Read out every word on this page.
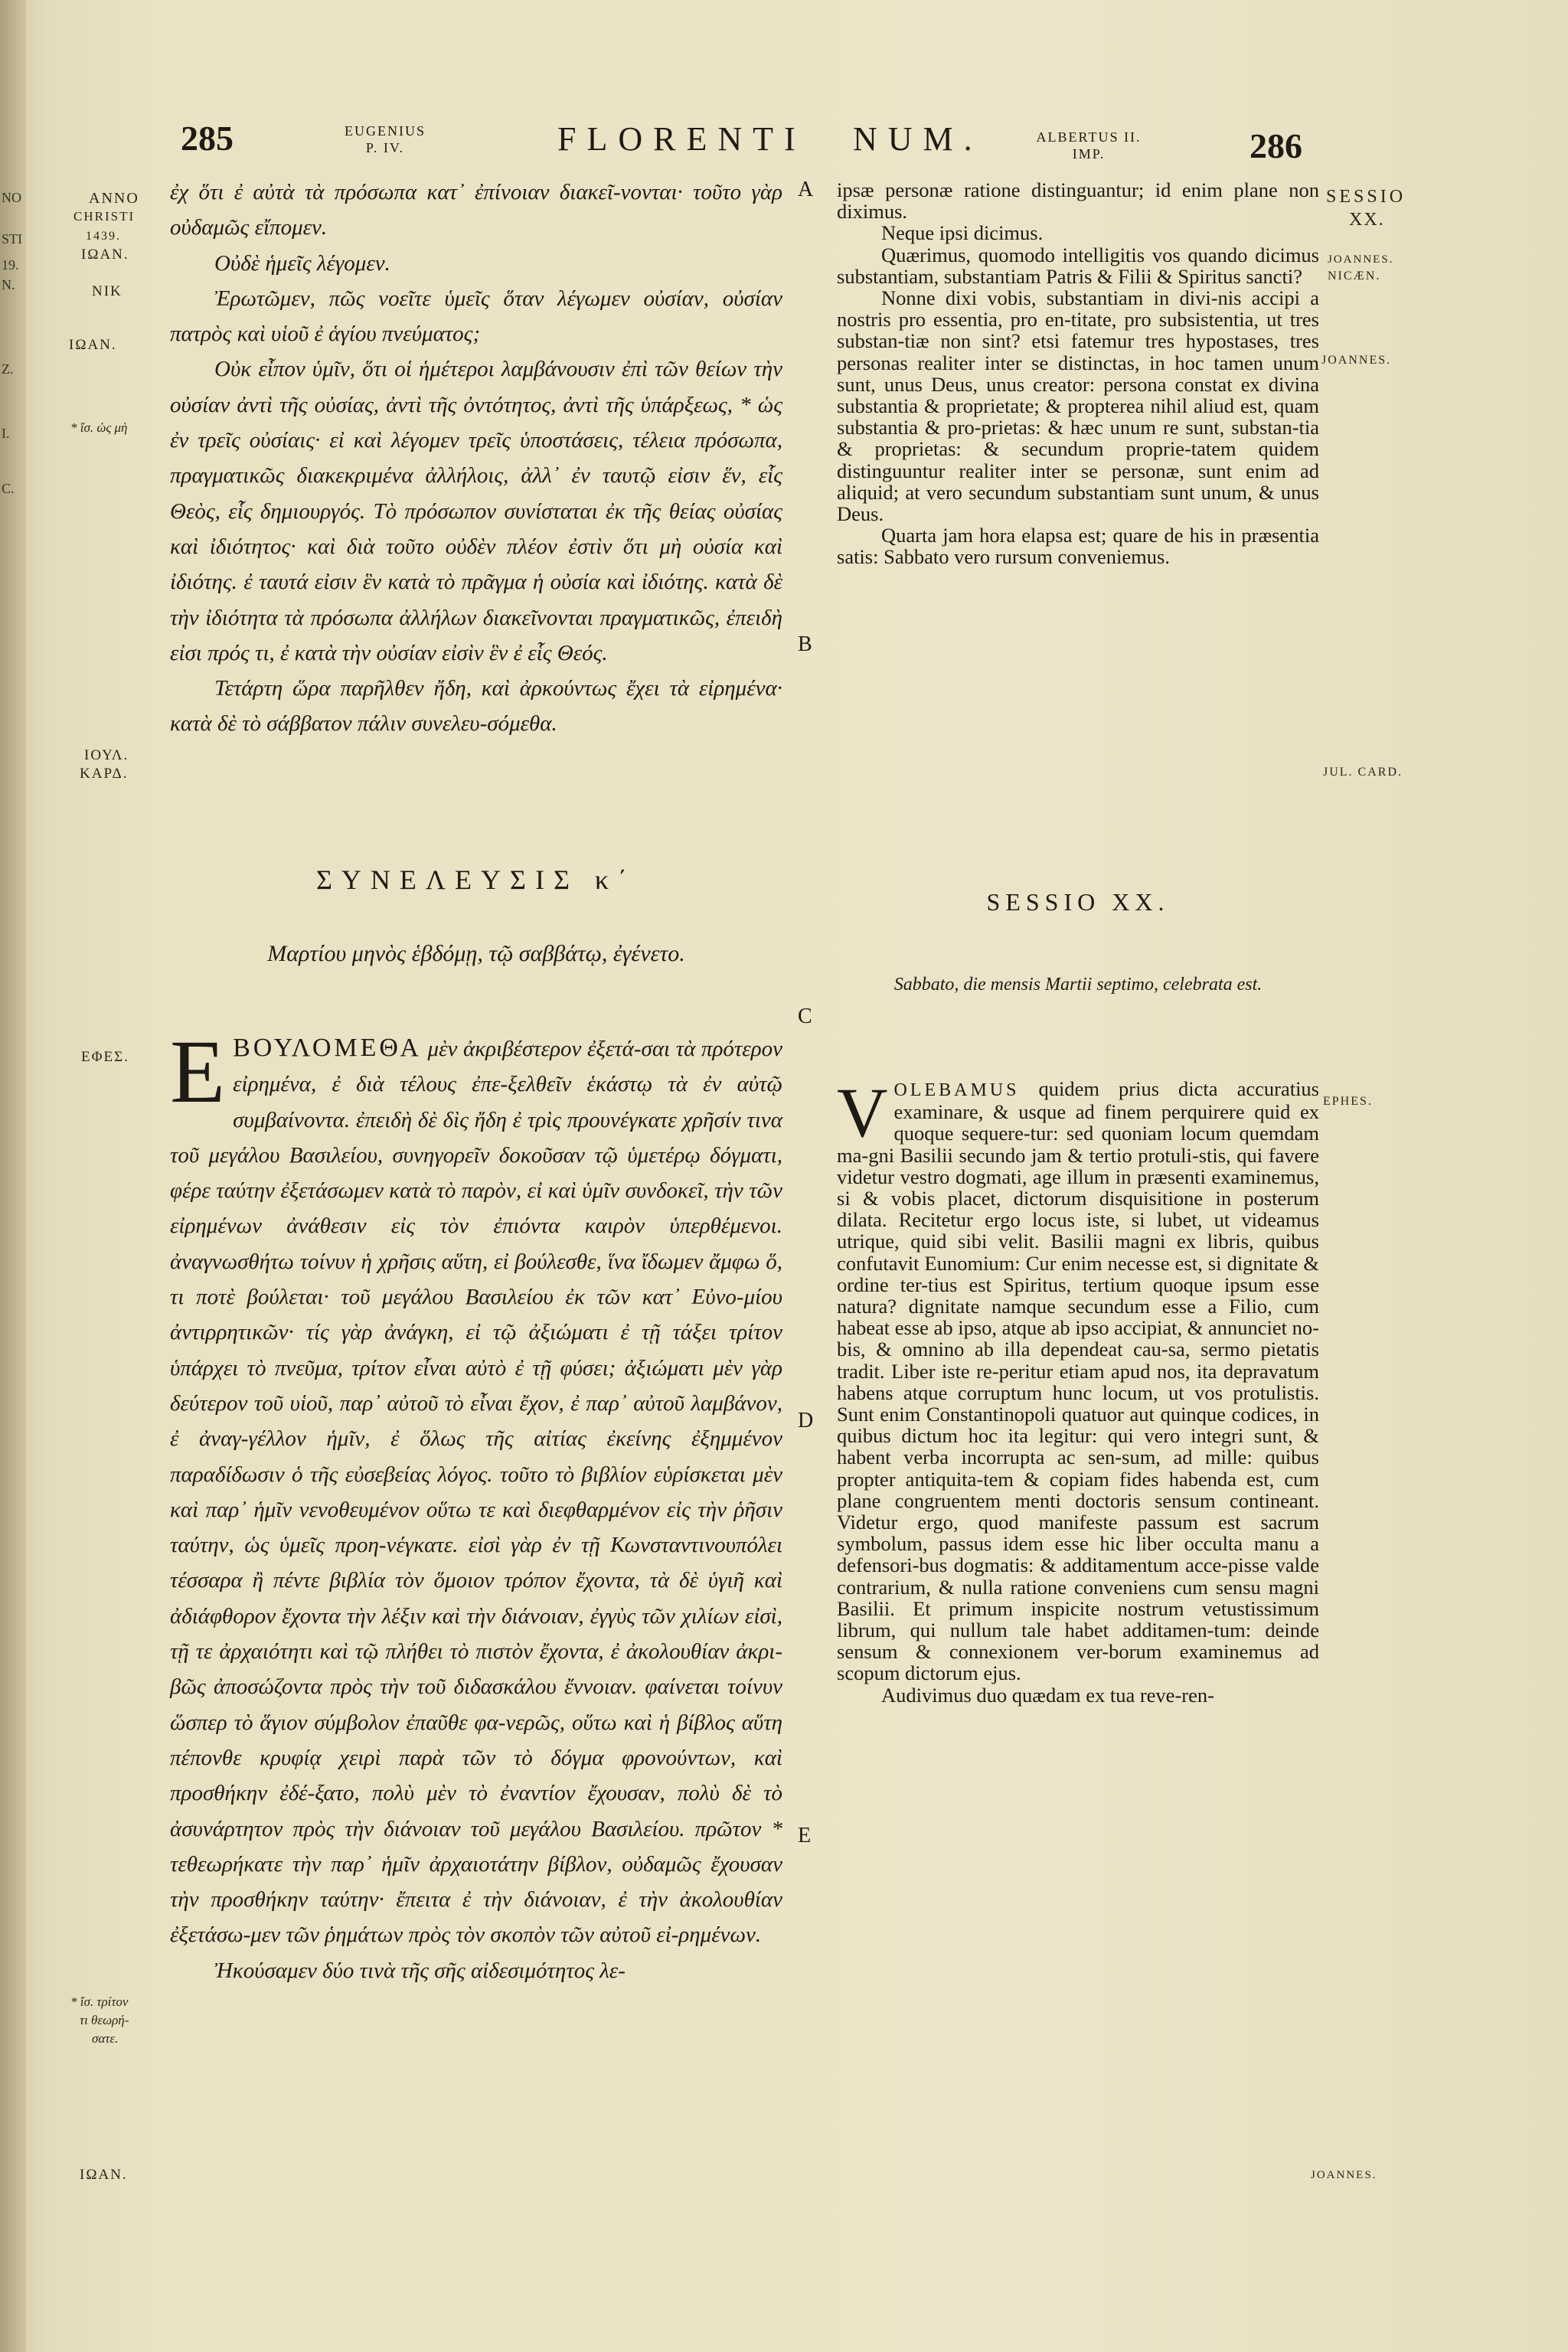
NO
STI
19.
N.
Z.
I.
C.
285	EUGENIUS
P. IV.	FLORENTI NUM.	ALBERTUS II.
IMP.	286
ANNO
CHRISTI
1439.
ΙΩΑΝ.
ΝΙΚ
ΙΩΑΝ.
* ἴσ. ὡς μὴ
ΙΟΥΛ.
ΚΑΡΔ.
ΕΦΕΣ.
* ἴσ. τρίτον
τι θεωρή-
σατε.
ΙΩΑΝ.
SESSIO
XX.
JOANNES.
NICÆN.
JOANNES.
JUL. CARD.
EPHES.
JOANNES.
A
B
C
D
E

ἐχ ὅτι ἐ αὐτὰ τὰ πρόσωπα κατ᾽ ἐπίνοιαν διακεῖ-νονται· τοῦτο γὰρ οὐδαμῶς εἴπομεν.

Οὐδὲ ἡμεῖς λέγομεν.

Ἐρωτῶμεν, πῶς νοεῖτε ὑμεῖς ὅταν λέγωμεν οὐσίαν, οὐσίαν πατρὸς καὶ υἱοῦ ἐ ἁγίου πνεύματος;

Οὐκ εἶπον ὑμῖν, ὅτι οἱ ἡμέτεροι λαμβάνουσιν ἐπὶ τῶν θείων τὴν οὐσίαν ἀντὶ τῆς οὐσίας, ἀντὶ τῆς ὀντότητος, ἀντὶ τῆς ὑπάρξεως, * ὡς ἐν τρεῖς οὐσίαις· εἰ καὶ λέγομεν τρεῖς ὑποστάσεις, τέλεια πρόσωπα, πραγματικῶς διακεκριμένα ἀλλήλοις, ἀλλ᾽ ἐν ταυτῷ εἰσιν ἕν, εἷς Θεὸς, εἷς δημιουργός. Τὸ πρόσωπον συνίσταται ἐκ τῆς θείας οὐσίας καὶ ἰδιότητος· καὶ διὰ τοῦτο οὐδὲν πλέον ἐστὶν ὅτι μὴ οὐσία καὶ ἰδιότης. ἐ ταυτά εἰσιν ἓν κατὰ τὸ πρᾶγμα ἡ οὐσία καὶ ἰδιότης. κατὰ δὲ τὴν ἰδιότητα τὰ πρόσωπα ἀλλήλων διακεῖνονται πραγματικῶς, ἐπειδὴ εἰσι πρός τι, ἐ κατὰ τὴν οὐσίαν εἰσὶν ἓν ἐ εἷς Θεός.

Τετάρτη ὥρα παρῆλθεν ἤδη, καὶ ἀρκούντως ἔχει τὰ εἰρημένα· κατὰ δὲ τὸ σάββατον πάλιν συνελευ-σόμεθα.

ΣΥΝΕΛΕΥΣΙΣ κ΄
Μαρτίου μηνὸς ἑβδόμῃ, τῷ σαββάτῳ, ἐγένετο.

ΕΒΟΥΛΟΜΕΘΑ μὲν ἀκριβέστερον ἐξετά-σαι τὰ πρότερον εἰρημένα, ἐ διὰ τέλους ἐπε-ξελθεῖν ἑκάστῳ τὰ ἐν αὐτῷ συμβαίνοντα. ἐπειδὴ δὲ δὶς ἤδη ἐ τρὶς προυνέγκατε χρῆσίν τινα τοῦ μεγάλου Βασιλείου, συνηγορεῖν δοκοῦσαν τῷ ὑμετέρῳ δόγματι, φέρε ταύτην ἐξετάσωμεν κατὰ τὸ παρὸν, εἰ καὶ ὑμῖν συνδοκεῖ, τὴν τῶν εἰρημένων ἀνάθεσιν εἰς τὸν ἐπιόντα καιρὸν ὑπερθέμενοι. ἀναγνωσθήτω τοίνυν ἡ χρῆσις αὕτη, εἰ βούλεσθε, ἵνα ἴδωμεν ἄμφω ὅ, τι ποτὲ βούλεται· τοῦ μεγάλου Βασιλείου ἐκ τῶν κατ᾽ Εὐνο-μίου ἀντιρρητικῶν· τίς γὰρ ἀνάγκη, εἰ τῷ ἀξιώματι ἐ τῇ τάξει τρίτον ὑπάρχει τὸ πνεῦμα, τρίτον εἶναι αὐτὸ ἐ τῇ φύσει; ἀξιώματι μὲν γὰρ δεύτερον τοῦ υἱοῦ, παρ᾽ αὐτοῦ τὸ εἶναι ἔχον, ἐ παρ᾽ αὐτοῦ λαμβάνον, ἐ ἀναγ-γέλλον ἡμῖν, ἐ ὅλως τῆς αἰτίας ἐκείνης ἐξημμένον παραδίδωσιν ὁ τῆς εὐσεβείας λόγος. τοῦτο τὸ βιβλίον εὑρίσκεται μὲν καὶ παρ᾽ ἡμῖν νενοθευμένον οὕτω τε καὶ διεφθαρμένον εἰς τὴν ῥῆσιν ταύτην, ὡς ὑμεῖς προη-νέγκατε. εἰσὶ γὰρ ἐν τῇ Κωνσταντινουπόλει τέσσαρα ἢ πέντε βιβλία τὸν ὅμοιον τρόπον ἔχοντα, τὰ δὲ ὑγιῆ καὶ ἀδιάφθορον ἔχοντα τὴν λέξιν καὶ τὴν διάνοιαν, ἐγγὺς τῶν χιλίων εἰσὶ, τῇ τε ἀρχαιότητι καὶ τῷ πλήθει τὸ πιστὸν ἔχοντα, ἐ ἀκολουθίαν ἀκρι-βῶς ἀποσώζοντα πρὸς τὴν τοῦ διδασκάλου ἔννοιαν. φαίνεται τοίνυν ὥσπερ τὸ ἅγιον σύμβολον ἐπαῦθε φα-νερῶς, οὕτω καὶ ἡ βίβλος αὕτη πέπονθε κρυφίᾳ χειρὶ παρὰ τῶν τὸ δόγμα φρονούντων, καὶ προσθήκην ἐδέ-ξατο, πολὺ μὲν τὸ ἐναντίον ἔχουσαν, πολὺ δὲ τὸ ἀσυνάρτητον πρὸς τὴν διάνοιαν τοῦ μεγάλου Βασιλείου. πρῶτον * τεθεωρήκατε τὴν παρ᾽ ἡμῖν ἀρχαιοτάτην βίβλον, οὐδαμῶς ἔχουσαν τὴν προσθήκην ταύτην· ἔπειτα ἐ τὴν διάνοιαν, ἐ τὴν ἀκολουθίαν ἐξετάσω-μεν τῶν ῥημάτων πρὸς τὸν σκοπὸν τῶν αὐτοῦ εἰ-ρημένων.

Ἠκούσαμεν δύο τινὰ τῆς σῆς αἰδεσιμότητος λε-

ipsæ personæ ratione distinguantur; id enim plane non diximus.

Neque ipsi dicimus.

Quærimus, quomodo intelligitis vos quando dicimus substantiam, substantiam Patris & Filii & Spiritus sancti?

Nonne dixi vobis, substantiam in divi-nis accipi a nostris pro essentia, pro en-titate, pro subsistentia, ut tres substan-tiæ non sint? etsi fatemur tres hypostases, tres personas realiter inter se distinctas, in hoc tamen unum sunt, unus Deus, unus creator: persona constat ex divina substantia & proprietate; & propterea nihil aliud est, quam substantia & pro-prietas: & hæc unum re sunt, substan-tia & proprietas: & secundum proprie-tatem quidem distinguuntur realiter inter se personæ, sunt enim ad aliquid; at vero secundum substantiam sunt unum, & unus Deus.

Quarta jam hora elapsa est; quare de his in præsentia satis: Sabbato vero rursum conveniemus.

SESSIO XX.
Sabbato, die mensis Martii septimo, celebrata est.

VOLEBAMUS quidem prius dicta accuratius examinare, & usque ad finem perquirere quid ex quoque sequere-tur: sed quoniam locum quemdam ma-gni Basilii secundo jam & tertio protuli-stis, qui favere videtur vestro dogmati, age illum in præsenti examinemus, si & vobis placet, dictorum disquisitione in posterum dilata. Recitetur ergo locus iste, si lubet, ut videamus utrique, quid sibi velit. Basilii magni ex libris, quibus confutavit Eunomium: Cur enim necesse est, si dignitate & ordine ter-tius est Spiritus, tertium quoque ipsum esse natura? dignitate namque secundum esse a Filio, cum habeat esse ab ipso, atque ab ipso accipiat, & annunciet no-bis, & omnino ab illa dependeat cau-sa, sermo pietatis tradit. Liber iste re-peritur etiam apud nos, ita depravatum habens atque corruptum hunc locum, ut vos protulistis. Sunt enim Constantinopoli quatuor aut quinque codices, in quibus dictum hoc ita legitur: qui vero integri sunt, & habent verba incorrupta ac sen-sum, ad mille: quibus propter antiquita-tem & copiam fides habenda est, cum plane congruentem menti doctoris sensum contineant. Videtur ergo, quod manifeste passum est sacrum symbolum, passus idem esse hic liber occulta manu a defensori-bus dogmatis: & additamentum acce-pisse valde contrarium, & nulla ratione conveniens cum sensu magni Basilii. Et primum inspicite nostrum vetustissimum librum, qui nullum tale habet additamen-tum: deinde sensum & connexionem ver-borum examinemus ad scopum dictorum ejus.

Audivimus duo quædam ex tua reve-ren-
